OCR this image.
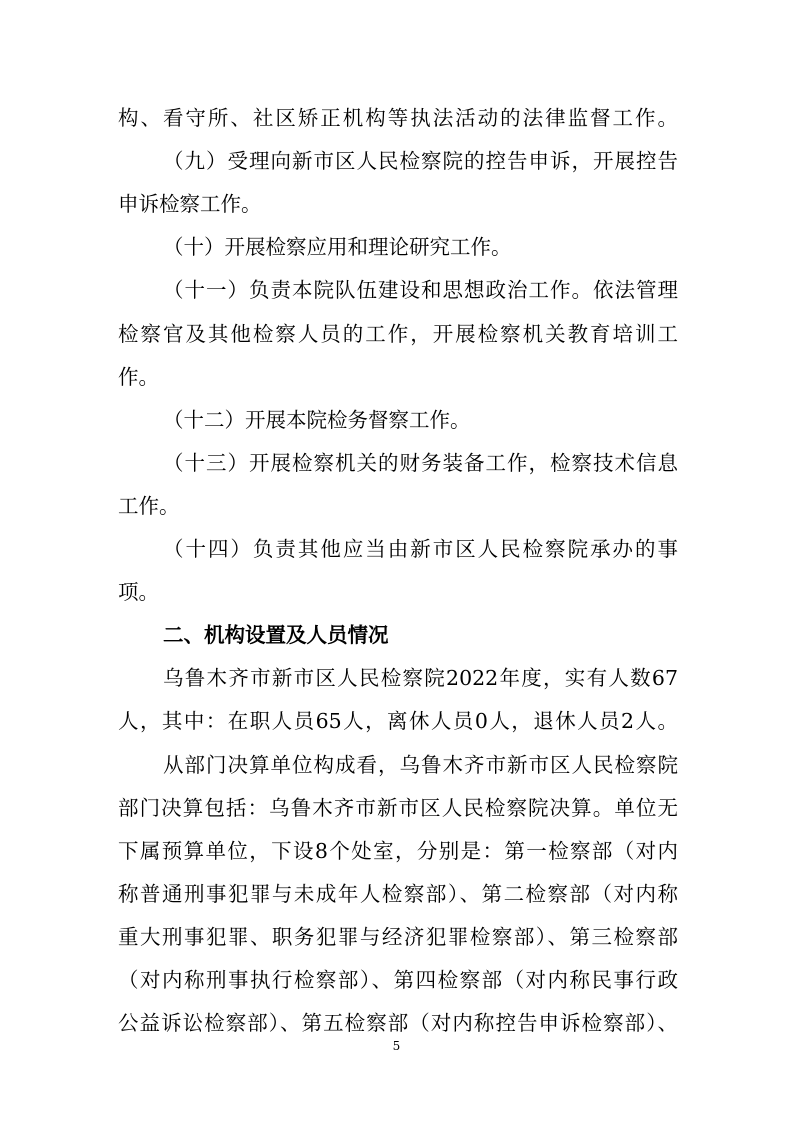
构、看守所、社区矫正机构等执法活动的法律监督工作。
（九）受理向新市区人民检察院的控告申诉，开展控告
申诉检察工作。
（十）开展检察应用和理论研究工作。
（十一）负责本院队伍建设和思想政治工作。依法管理
检察官及其他检察人员的工作，开展检察机关教育培训工
作。
（十二）开展本院检务督察工作。
（十三）开展检察机关的财务装备工作，检察技术信息
工作。
（十四）负责其他应当由新市区人民检察院承办的事
项。
二、机构设置及人员情况
乌鲁木齐市新市区人民检察院2022年度，实有人数67
人，其中：在职人员65人，离休人员0人，退休人员2人。
从部门决算单位构成看，乌鲁木齐市新市区人民检察院
部门决算包括：乌鲁木齐市新市区人民检察院决算。单位无
下属预算单位，下设8个处室，分别是：第一检察部（对内
称普通刑事犯罪与未成年人检察部）、第二检察部（对内称
重大刑事犯罪、职务犯罪与经济犯罪检察部）、第三检察部
（对内称刑事执行检察部）、第四检察部（对内称民事行政
公益诉讼检察部）、第五检察部（对内称控告申诉检察部）、
5
